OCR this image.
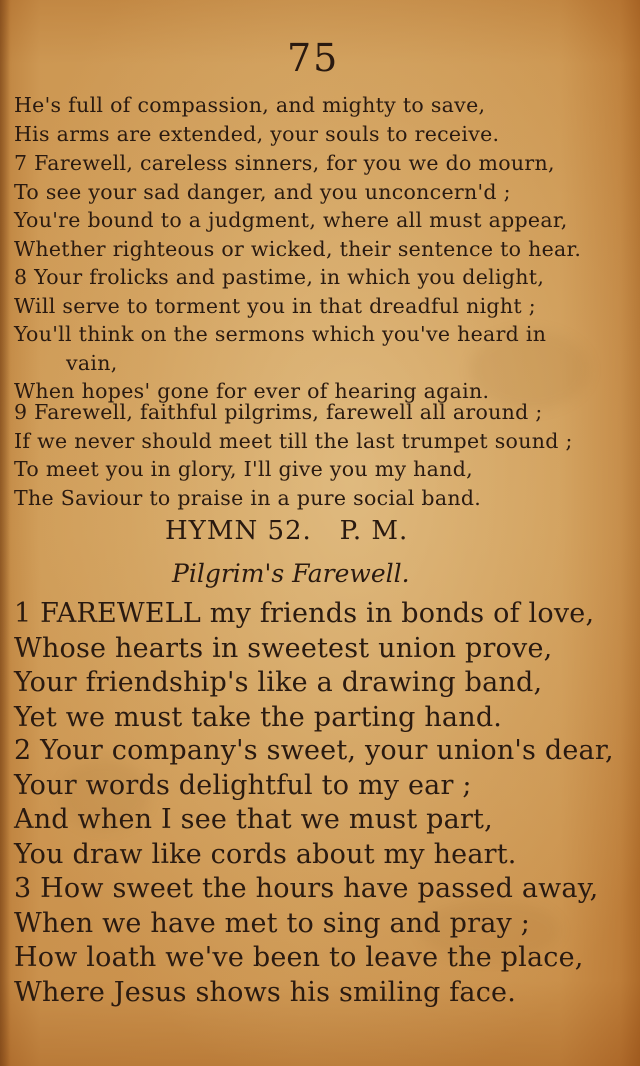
75
He's full of compassion, and mighty to save,
His arms are extended, your souls to receive.
7 Farewell, careless sinners, for you we do mourn,
To see your sad danger, and you unconcern'd ;
You're bound to a judgment, where all must appear,
Whether righteous or wicked, their sentence to hear.
8 Your frolicks and pastime, in which you delight,
Will serve to torment you in that dreadful night ;
You'll think on the sermons which you've heard in
vain,
When hopes' gone for ever of hearing again.
9 Farewell, faithful pilgrims, farewell all around ;
If we never should meet till the last trumpet sound ;
To meet you in glory, I'll give you my hand,
The Saviour to praise in a pure social band.
HYMN 52.   P. M.
Pilgrim's Farewell.
1 FAREWELL my friends in bonds of love,
Whose hearts in sweetest union prove,
Your friendship's like a drawing band,
Yet we must take the parting hand.
2 Your company's sweet, your union's dear,
Your words delightful to my ear ;
And when I see that we must part,
You draw like cords about my heart.
3 How sweet the hours have passed away,
When we have met to sing and pray ;
How loath we've been to leave the place,
Where Jesus shows his smiling face.
